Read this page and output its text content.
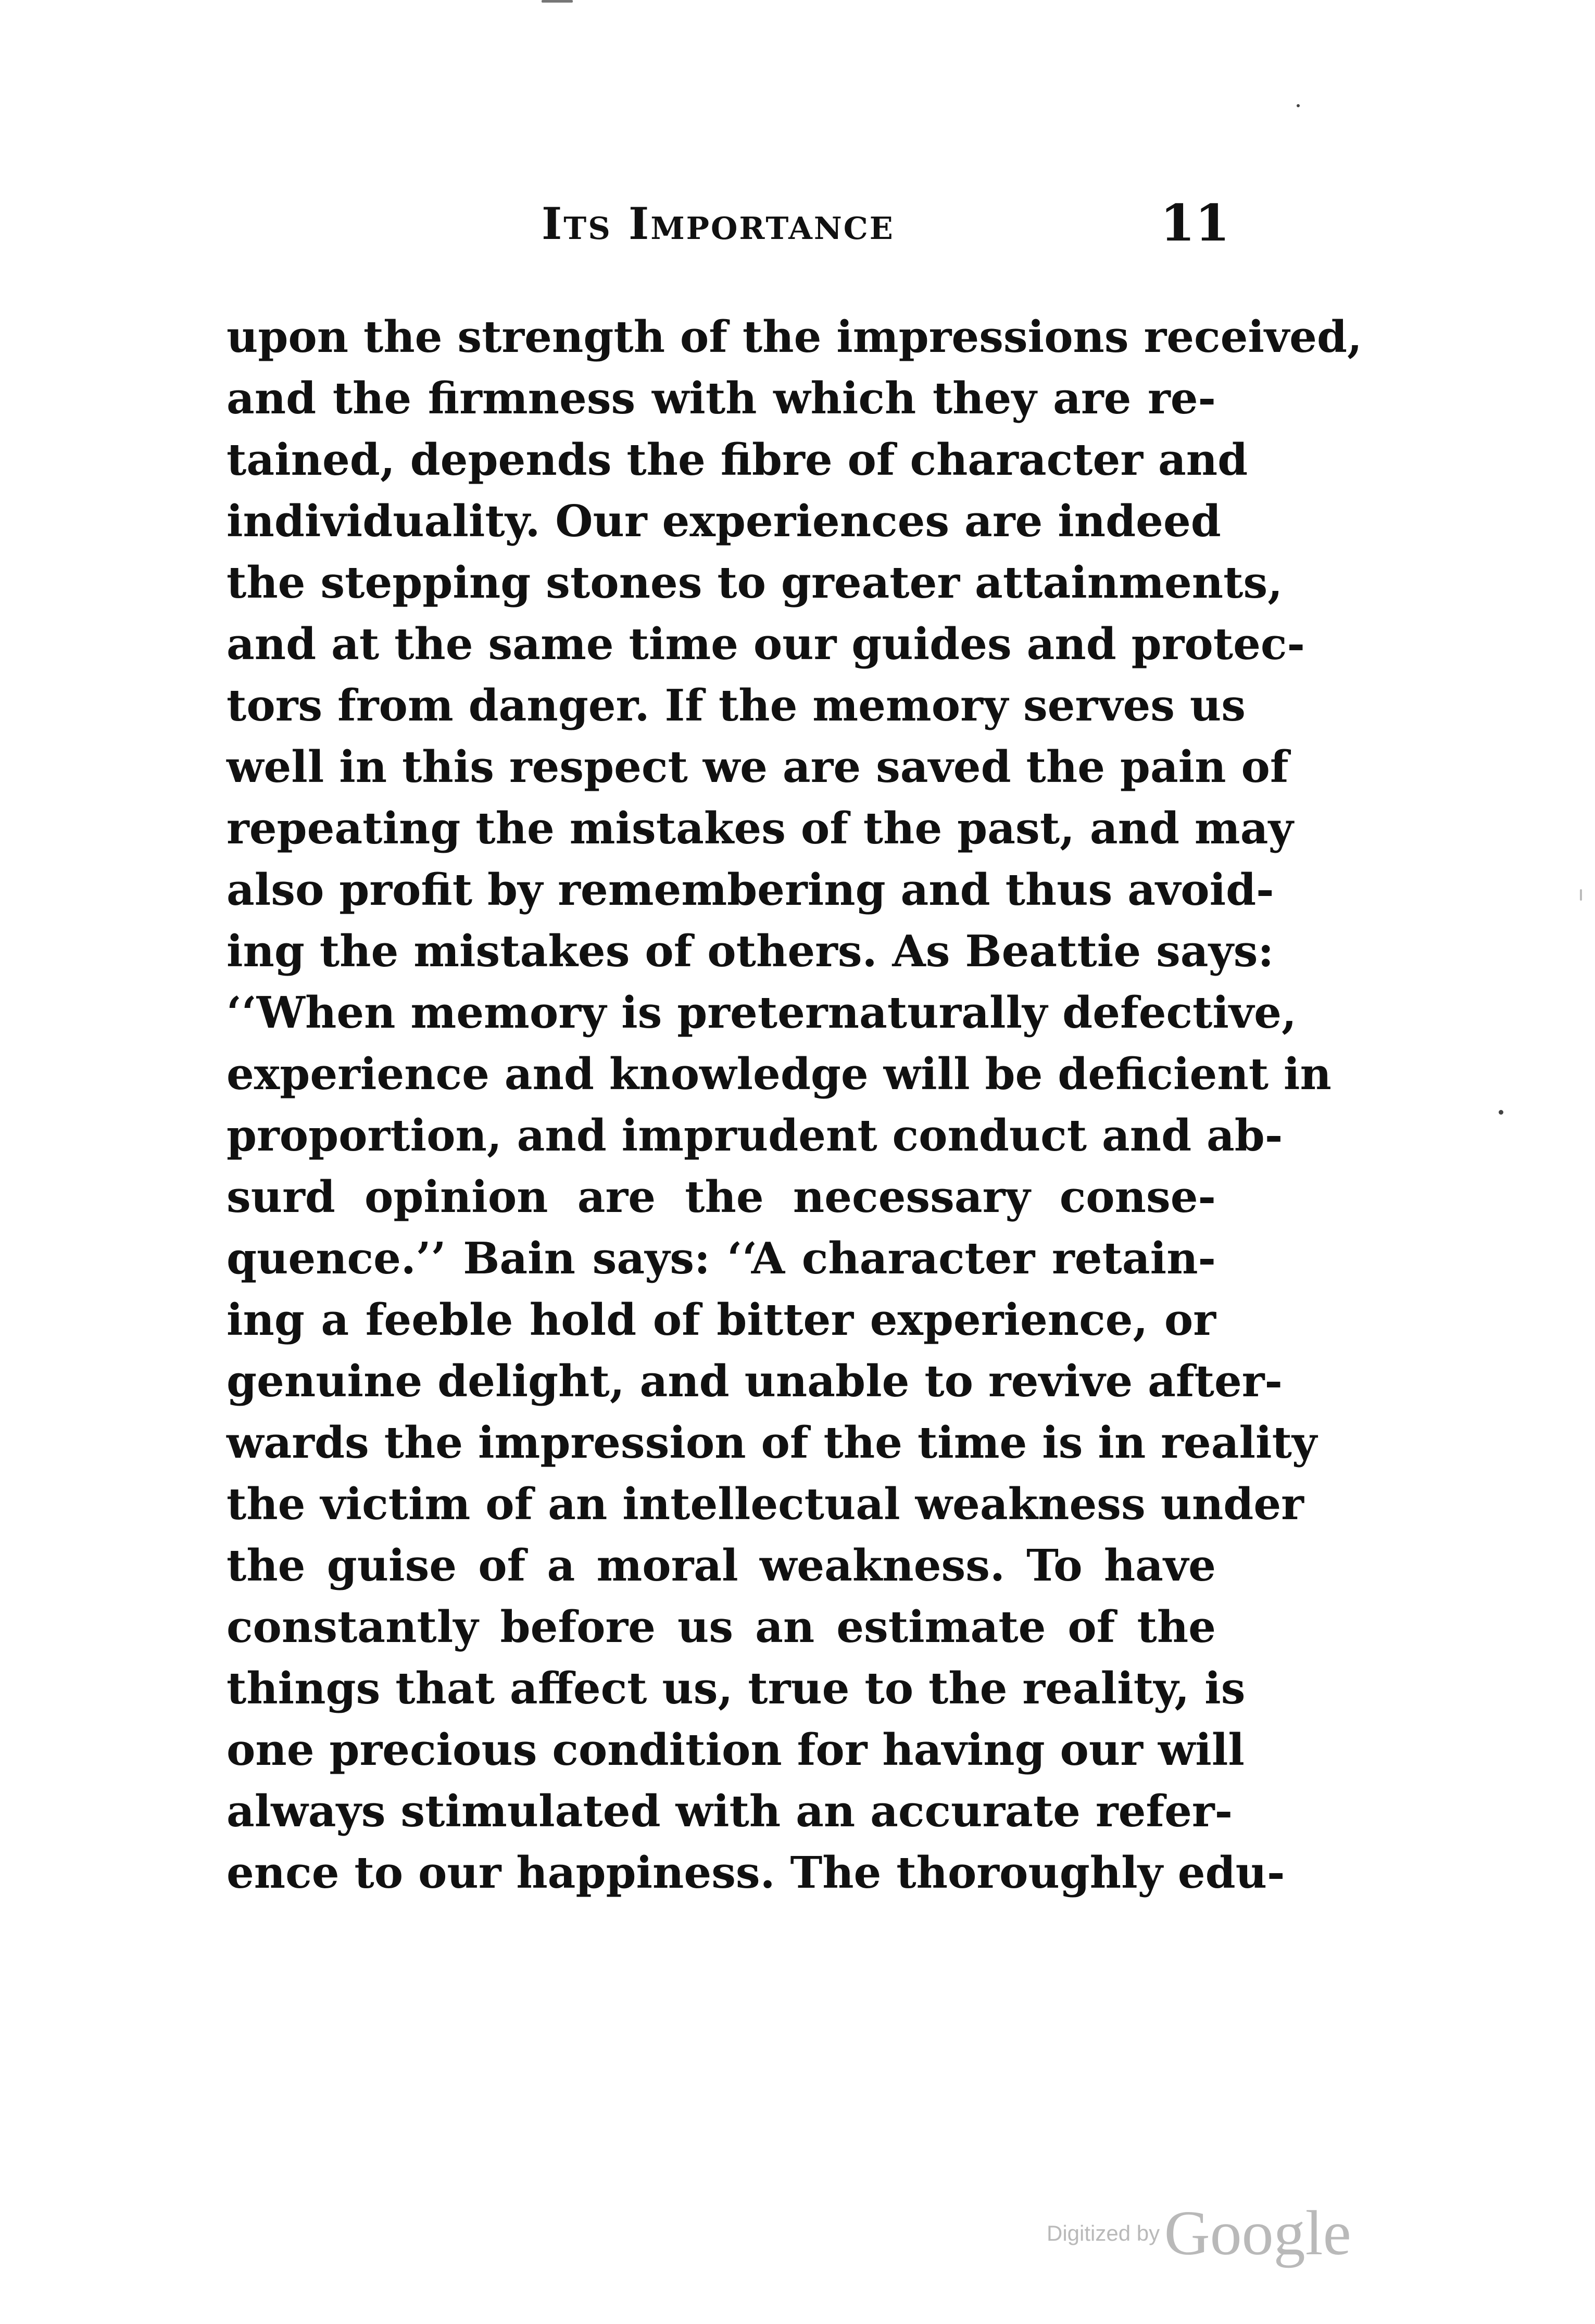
Its Importance	11
upon the strength of the impressions received,
and the firmness with which they are re-
tained, depends the fibre of character and
individuality. Our experiences are indeed
the stepping stones to greater attainments,
and at the same time our guides and protec-
tors from danger. If the memory serves us
well in this respect we are saved the pain of
repeating the mistakes of the past, and may
also profit by remembering and thus avoid-
ing the mistakes of others. As Beattie says:
‘‘When memory is preternaturally defective,
experience and knowledge will be deficient in
proportion, and imprudent conduct and ab-
surd opinion are the necessary conse-
quence.’’ Bain says: ‘‘A character retain-
ing a feeble hold of bitter experience, or
genuine delight, and unable to revive after-
wards the impression of the time is in reality
the victim of an intellectual weakness under
the guise of a moral weakness. To have
constantly before us an estimate of the
things that affect us, true to the reality, is
one precious condition for having our will
always stimulated with an accurate refer-
ence to our happiness. The thoroughly edu-
Digitized by Google
